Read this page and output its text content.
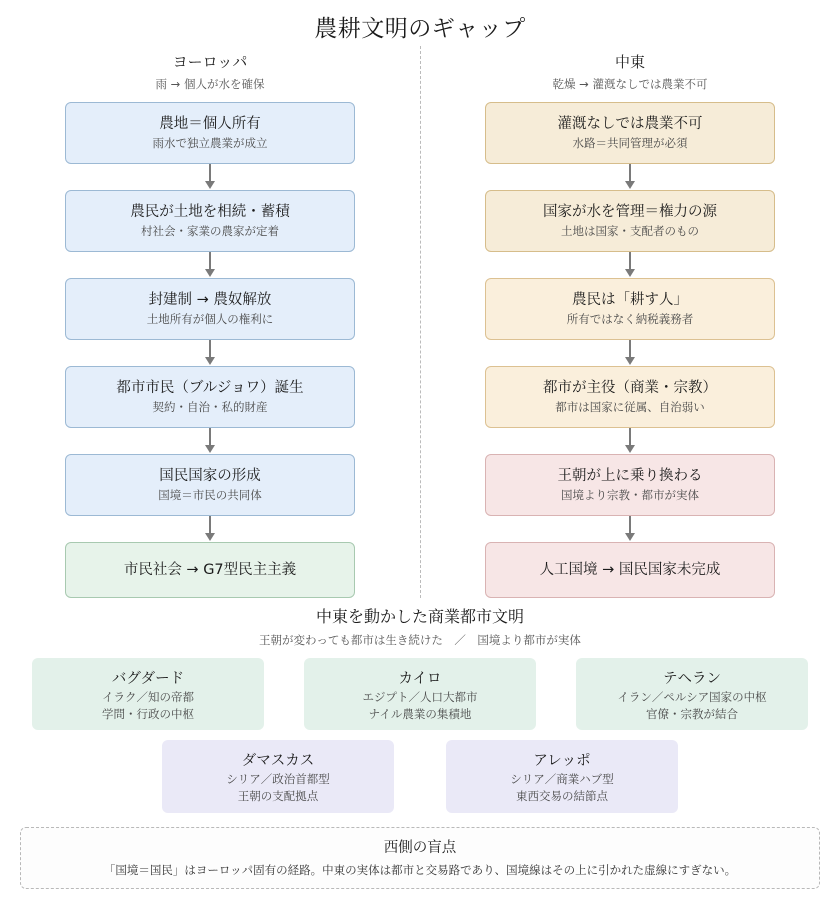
農耕文明のギャップ
ヨーロッパ
雨 → 個人が水を確保
農地＝個人所有
雨水で独立農業が成立
農民が土地を相続・蓄積
村社会・家業の農家が定着
封建制 → 農奴解放
土地所有が個人の権利に
都市市民（ブルジョワ）誕生
契約・自治・私的財産
国民国家の形成
国境＝市民の共同体
市民社会 → G7型民主主義
中東
乾燥 → 灌漑なしでは農業不可
灌漑なしでは農業不可
水路＝共同管理が必須
国家が水を管理＝権力の源
土地は国家・支配者のもの
農民は「耕す人」
所有ではなく納税義務者
都市が主役（商業・宗教）
都市は国家に従属、自治弱い
王朝が上に乗り換わる
国境より宗教・都市が実体
人工国境 → 国民国家未完成
中東を動かした商業都市文明
王朝が変わっても都市は生き続けた　／　国境より都市が実体
バグダード
イラク／知の帝都
学問・行政の中枢
カイロ
エジプト／人口大都市
ナイル農業の集積地
テヘラン
イラン／ペルシア国家の中枢
官僚・宗教が結合
ダマスカス
シリア／政治首都型
王朝の支配拠点
アレッポ
シリア／商業ハブ型
東西交易の結節点
西側の盲点
「国境＝国民」はヨーロッパ固有の経路。中東の実体は都市と交易路であり、国境線はその上に引かれた虚線にすぎない。
